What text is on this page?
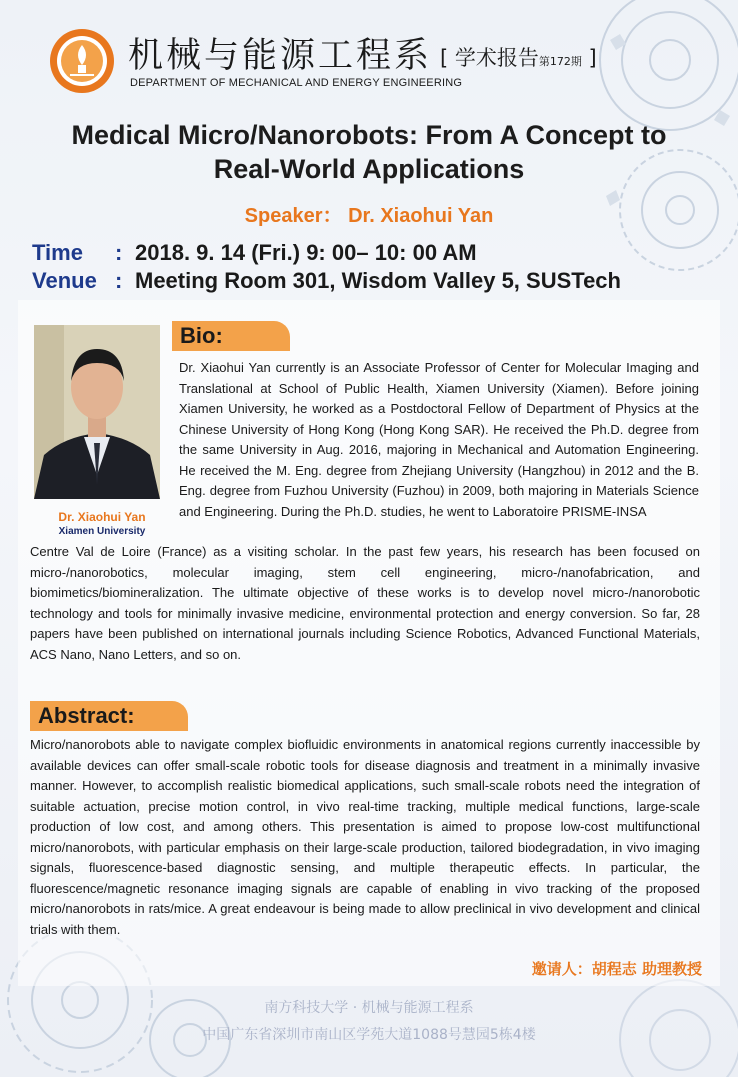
机械与能源工程系 [ 学术报告第172期 ]
DEPARTMENT OF MECHANICAL AND ENERGY ENGINEERING
Medical Micro/Nanorobots: From A Concept to
Real-World Applications
Speaker： Dr. Xiaohui Yan
Time : 2018. 9. 14 (Fri.) 9: 00– 10: 00 AM
Venue : Meeting Room 301, Wisdom Valley 5, SUSTech
Dr. Xiaohui Yan
Xiamen University
Bio:
Dr. Xiaohui Yan currently is an Associate Professor of Center for Molecular Imaging and Translational at School of Public Health, Xiamen University (Xiamen). Before joining Xiamen University, he worked as a Postdoctoral Fellow of Department of Physics at the Chinese University of Hong Kong (Hong Kong SAR). He received the Ph.D. degree from the same University in Aug. 2016, majoring in Mechanical and Automation Engineering. He received the M. Eng. degree from Zhejiang University (Hangzhou) in 2012 and the B. Eng. degree from Fuzhou University (Fuzhou) in 2009, both majoring in Materials Science and Engineering. During the Ph.D. studies, he went to Laboratoire PRISME-INSA
Centre Val de Loire (France) as a visiting scholar. In the past few years, his research has been focused on micro-/nanorobotics, molecular imaging, stem cell engineering, micro-/nanofabrication, and biomimetics/biomineralization. The ultimate objective of these works is to develop novel micro-/nanorobotic technology and tools for minimally invasive medicine, environmental protection and energy conversion. So far, 28 papers have been published on international journals including Science Robotics, Advanced Functional Materials, ACS Nano, Nano Letters, and so on.
Abstract:
Micro/nanorobots able to navigate complex biofluidic environments in anatomical regions currently inaccessible by available devices can offer small-scale robotic tools for disease diagnosis and treatment in a minimally invasive manner. However, to accomplish realistic biomedical applications, such small-scale robots need the integration of suitable actuation, precise motion control, in vivo real-time tracking, multiple medical functions, large-scale production of low cost, and among others. This presentation is aimed to propose low-cost multifunctional micro/nanorobots, with particular emphasis on their large-scale production, tailored biodegradation, in vivo imaging signals, fluorescence-based diagnostic sensing, and multiple therapeutic effects. In particular, the fluorescence/magnetic resonance imaging signals are capable of enabling in vivo tracking of the proposed micro/nanorobots in rats/mice. A great endeavour is being made to allow preclinical in vivo development and clinical trials with them.
邀请人：胡程志 助理教授
南方科技大学 · 机械与能源工程系
中国广东省深圳市南山区学苑大道1088号慧园5栋4楼
